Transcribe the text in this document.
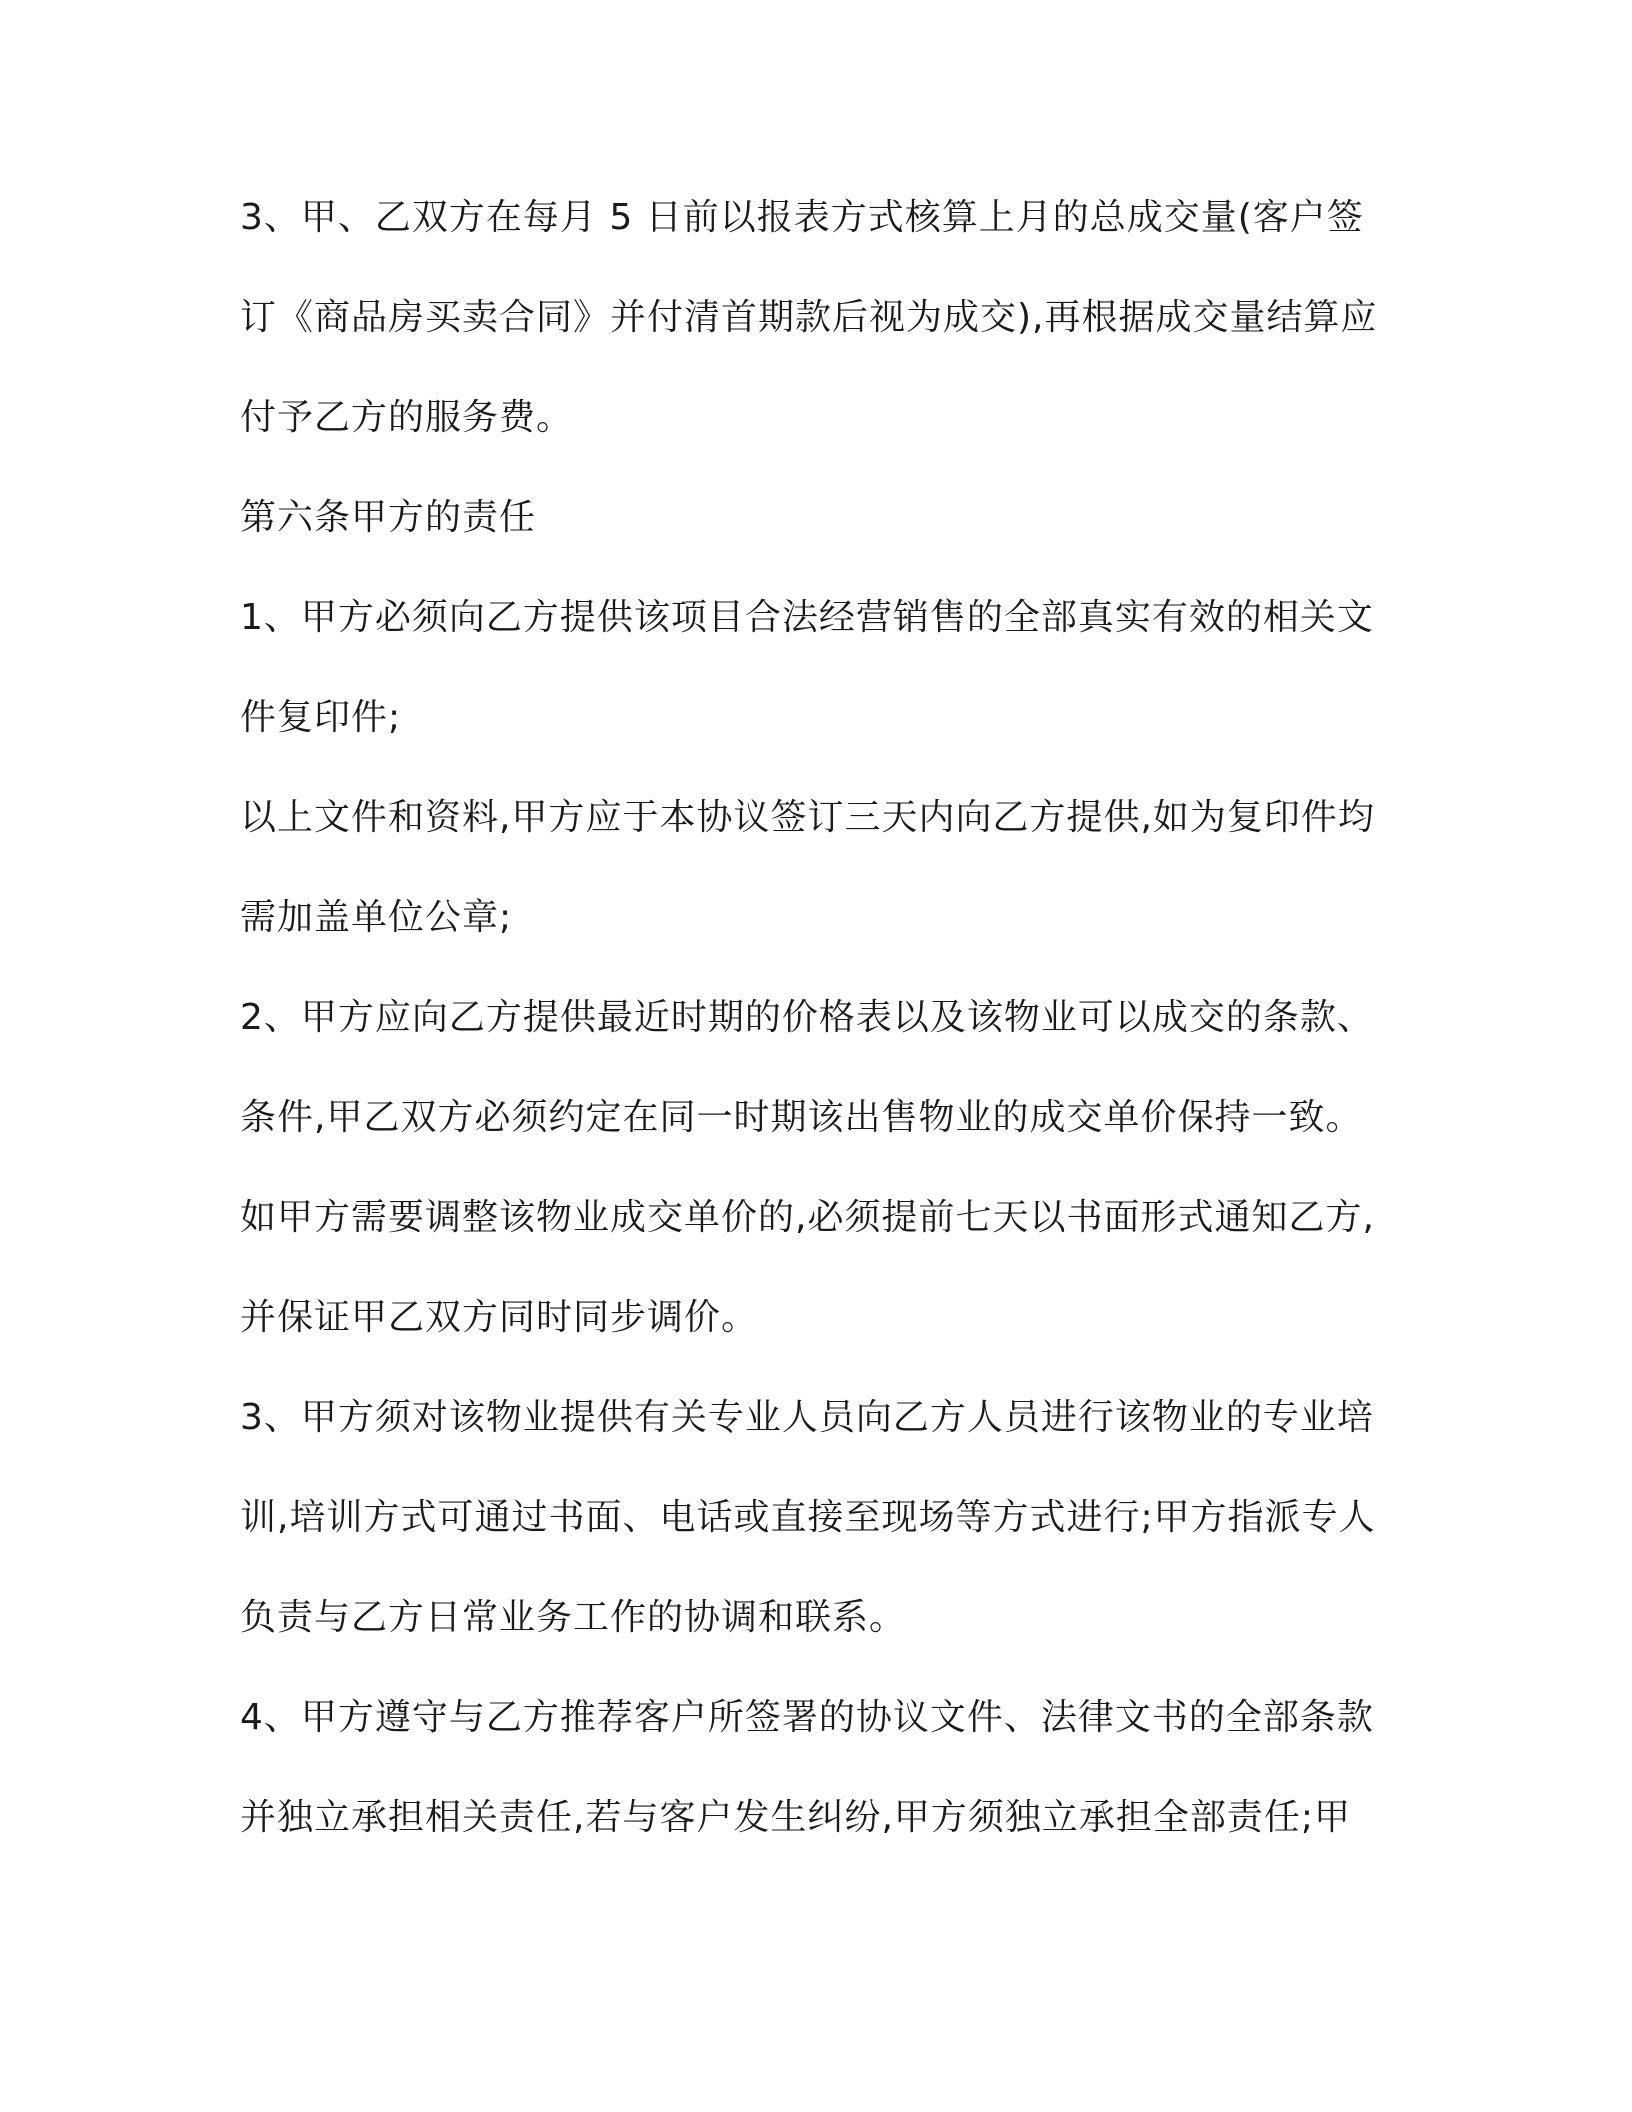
3、甲、乙双方在每月 5 日前以报表方式核算上月的总成交量(客户签
订《商品房买卖合同》并付清首期款后视为成交),再根据成交量结算应
付予乙方的服务费。
第六条甲方的责任
1、甲方必须向乙方提供该项目合法经营销售的全部真实有效的相关文
件复印件;
以上文件和资料,甲方应于本协议签订三天内向乙方提供,如为复印件均
需加盖单位公章;
2、甲方应向乙方提供最近时期的价格表以及该物业可以成交的条款、
条件,甲乙双方必须约定在同一时期该出售物业的成交单价保持一致。
如甲方需要调整该物业成交单价的,必须提前七天以书面形式通知乙方,
并保证甲乙双方同时同步调价。
3、甲方须对该物业提供有关专业人员向乙方人员进行该物业的专业培
训,培训方式可通过书面、电话或直接至现场等方式进行;甲方指派专人
负责与乙方日常业务工作的协调和联系。
4、甲方遵守与乙方推荐客户所签署的协议文件、法律文书的全部条款
并独立承担相关责任,若与客户发生纠纷,甲方须独立承担全部责任;甲
